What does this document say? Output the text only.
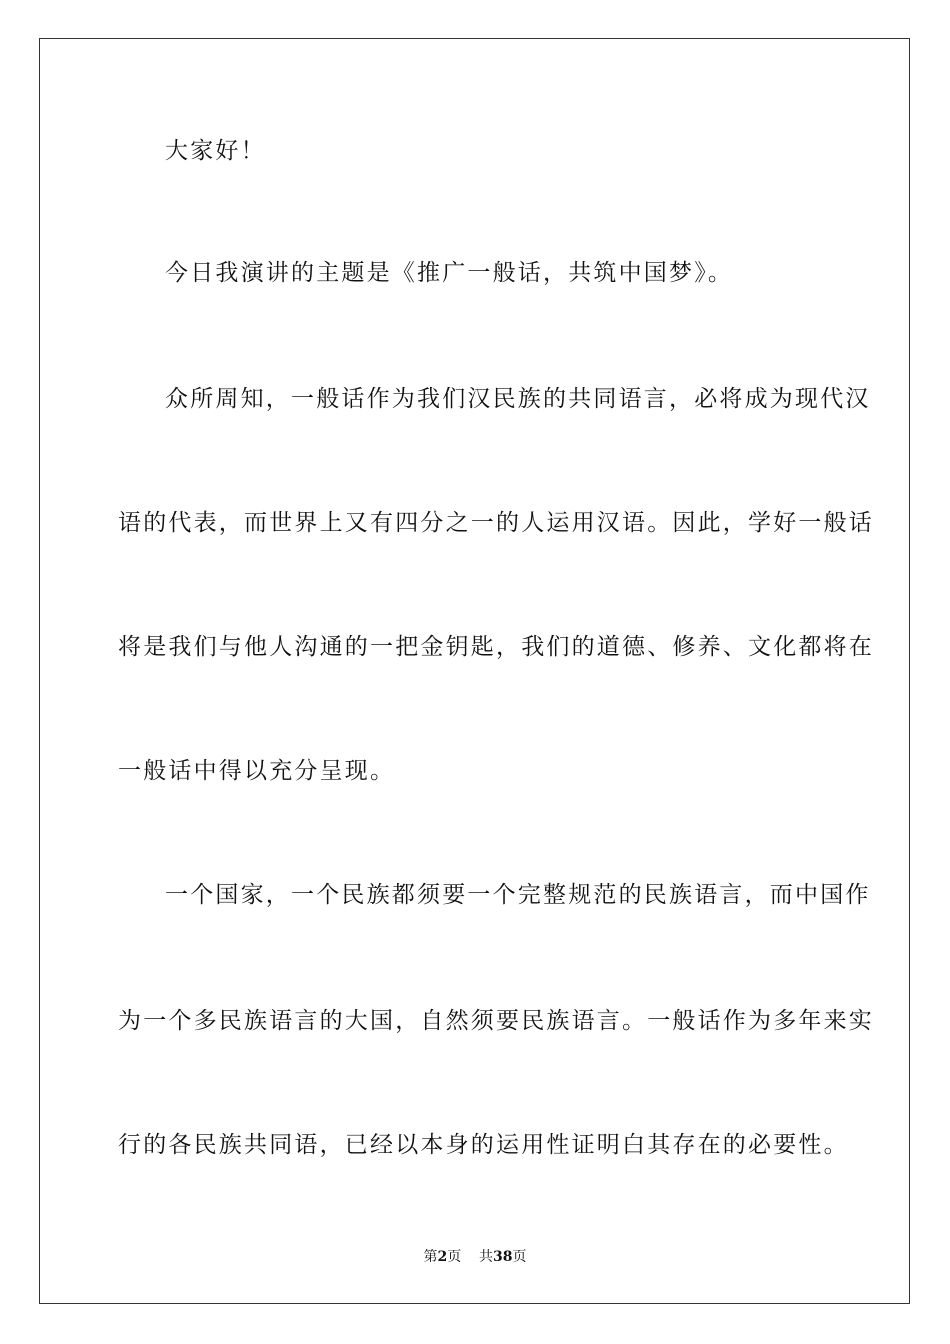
大家好！
今日我演讲的主题是《推广一般话，共筑中国梦》。
众所周知，一般话作为我们汉民族的共同语言，必将成为现代汉
语的代表，而世界上又有四分之一的人运用汉语。因此，学好一般话
将是我们与他人沟通的一把金钥匙，我们的道德、修养、文化都将在
一般话中得以充分呈现。
一个国家，一个民族都须要一个完整规范的民族语言，而中国作
为一个多民族语言的大国，自然须要民族语言。一般话作为多年来实
行的各民族共同语，已经以本身的运用性证明白其存在的必要性。
第2页 共38页
